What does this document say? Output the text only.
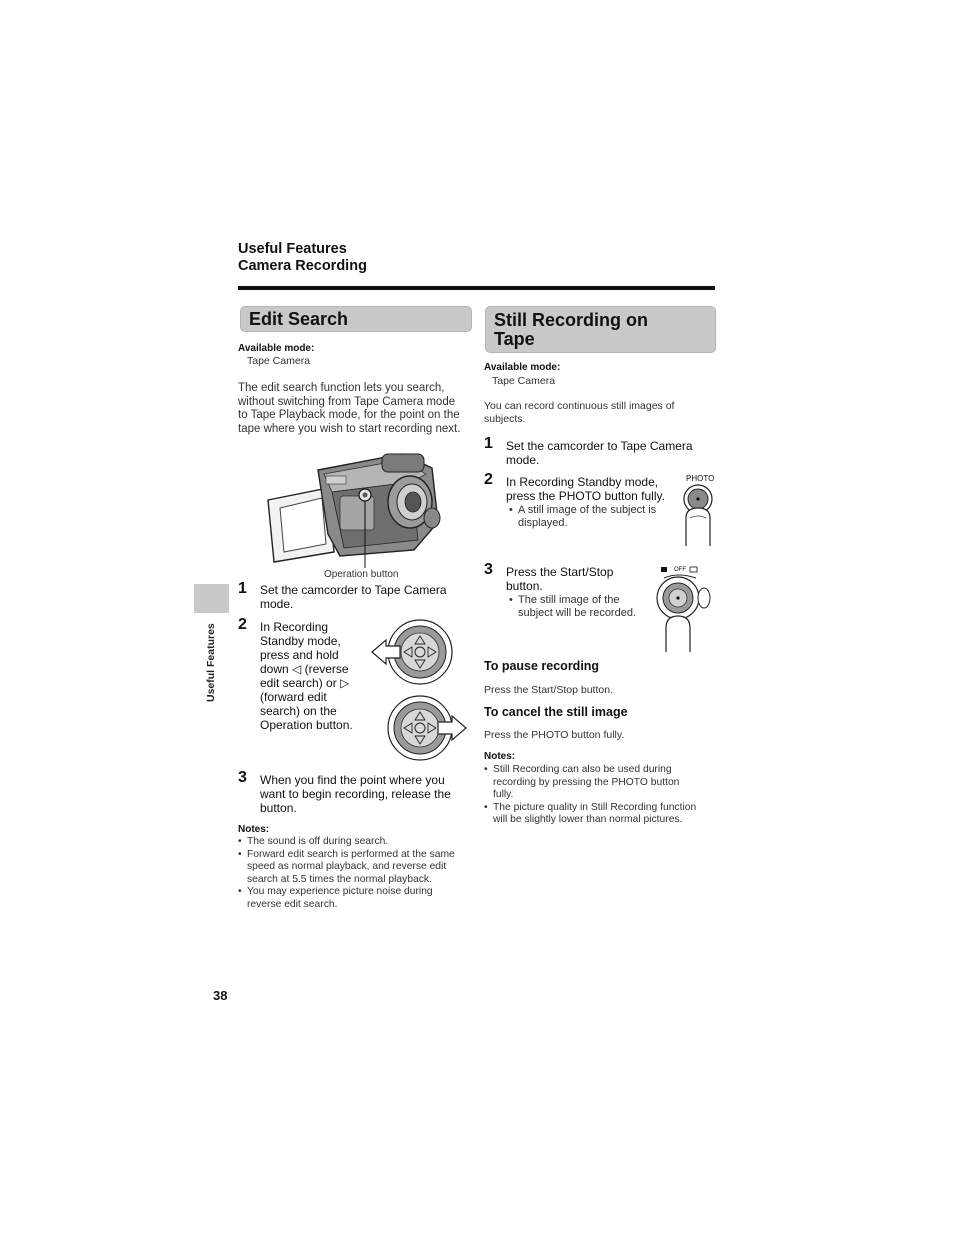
Useful Features
Camera Recording
Edit Search
Available mode:
Tape Camera
The edit search function lets you search,
without switching from Tape Camera mode
to Tape Playback mode, for the point on the
tape where you wish to start recording next.
Operation button
1 Set the camcorder to Tape Camera
mode.
2 In Recording
Standby mode,
press and hold
down ◁ (reverse
edit search) or ▷
(forward edit
search) on the
Operation button.
3 When you find the point where you
want to begin recording, release the
button.
Notes:
• The sound is off during search.
• Forward edit search is performed at the same
speed as normal playback, and reverse edit
search at 5.5 times the normal playback.
• You may experience picture noise during
reverse edit search.
Still Recording on
Tape
Available mode:
Tape Camera
You can record continuous still images of
subjects.
1 Set the camcorder to Tape Camera
mode.
2 In Recording Standby mode,
press the PHOTO button fully.
• A still image of the subject is
displayed.
PHOTO
3 Press the Start/Stop
button.
• The still image of the
subject will be recorded.
OFF
To pause recording
Press the Start/Stop button.
To cancel the still image
Press the PHOTO button fully.
Notes:
• Still Recording can also be used during
recording by pressing the PHOTO button
fully.
• The picture quality in Still Recording function
will be slightly lower than normal pictures.
Useful Features
38
